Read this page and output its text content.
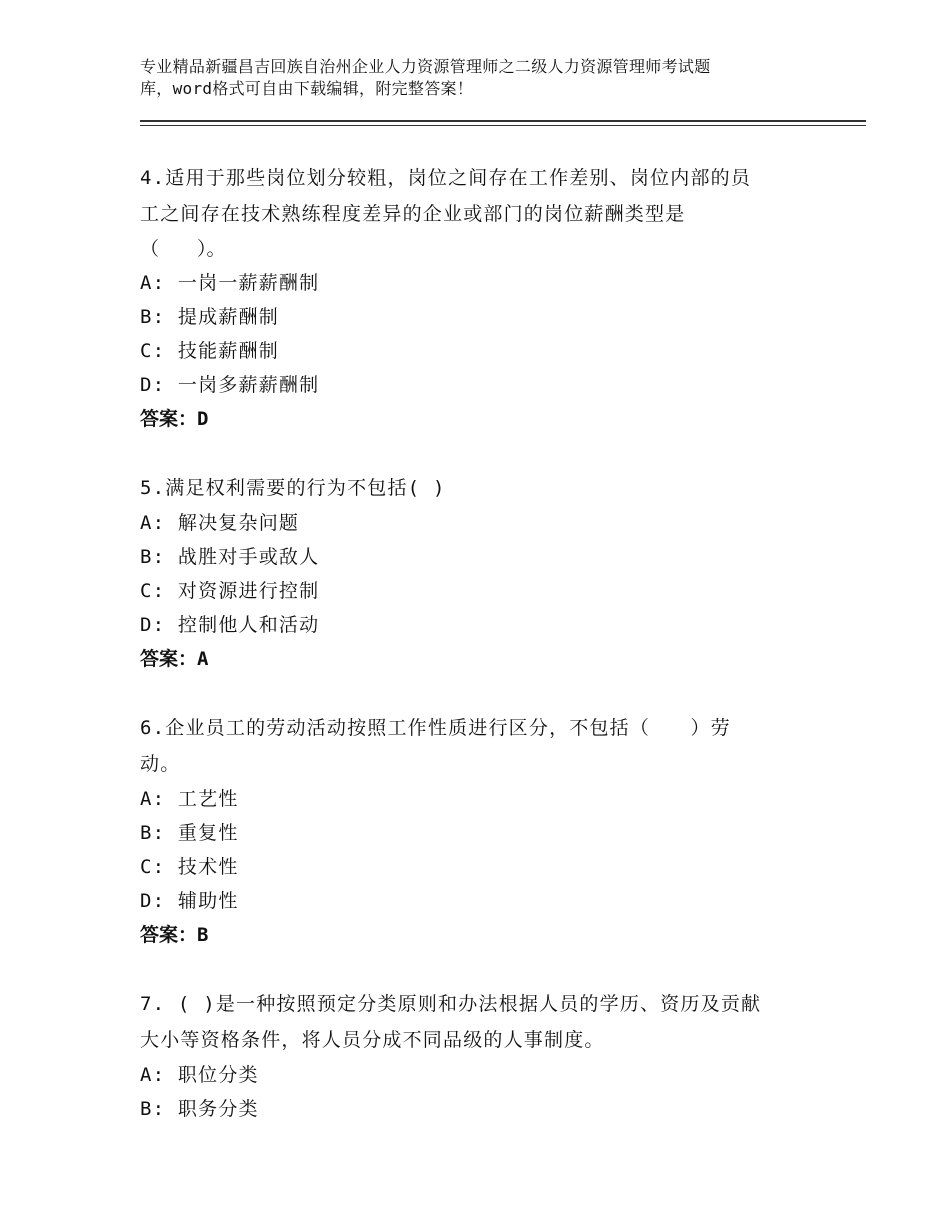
专业精品新疆昌吉回族自治州企业人力资源管理师之二级人力资源管理师考试题
库，word格式可自由下载编辑，附完整答案！
4.适用于那些岗位划分较粗，岗位之间存在工作差别、岗位内部的员
工之间存在技术熟练程度差异的企业或部门的岗位薪酬类型是
（　　）。
A: 一岗一薪薪酬制
B: 提成薪酬制
C: 技能薪酬制
D: 一岗多薪薪酬制
答案：D
5.满足权利需要的行为不包括( )
A: 解决复杂问题
B: 战胜对手或敌人
C: 对资源进行控制
D: 控制他人和活动
答案：A
6.企业员工的劳动活动按照工作性质进行区分，不包括（　　）劳
动。
A: 工艺性
B: 重复性
C: 技术性
D: 辅助性
答案：B
7. ( )是一种按照预定分类原则和办法根据人员的学历、资历及贡献
大小等资格条件，将人员分成不同品级的人事制度。
A: 职位分类
B: 职务分类
